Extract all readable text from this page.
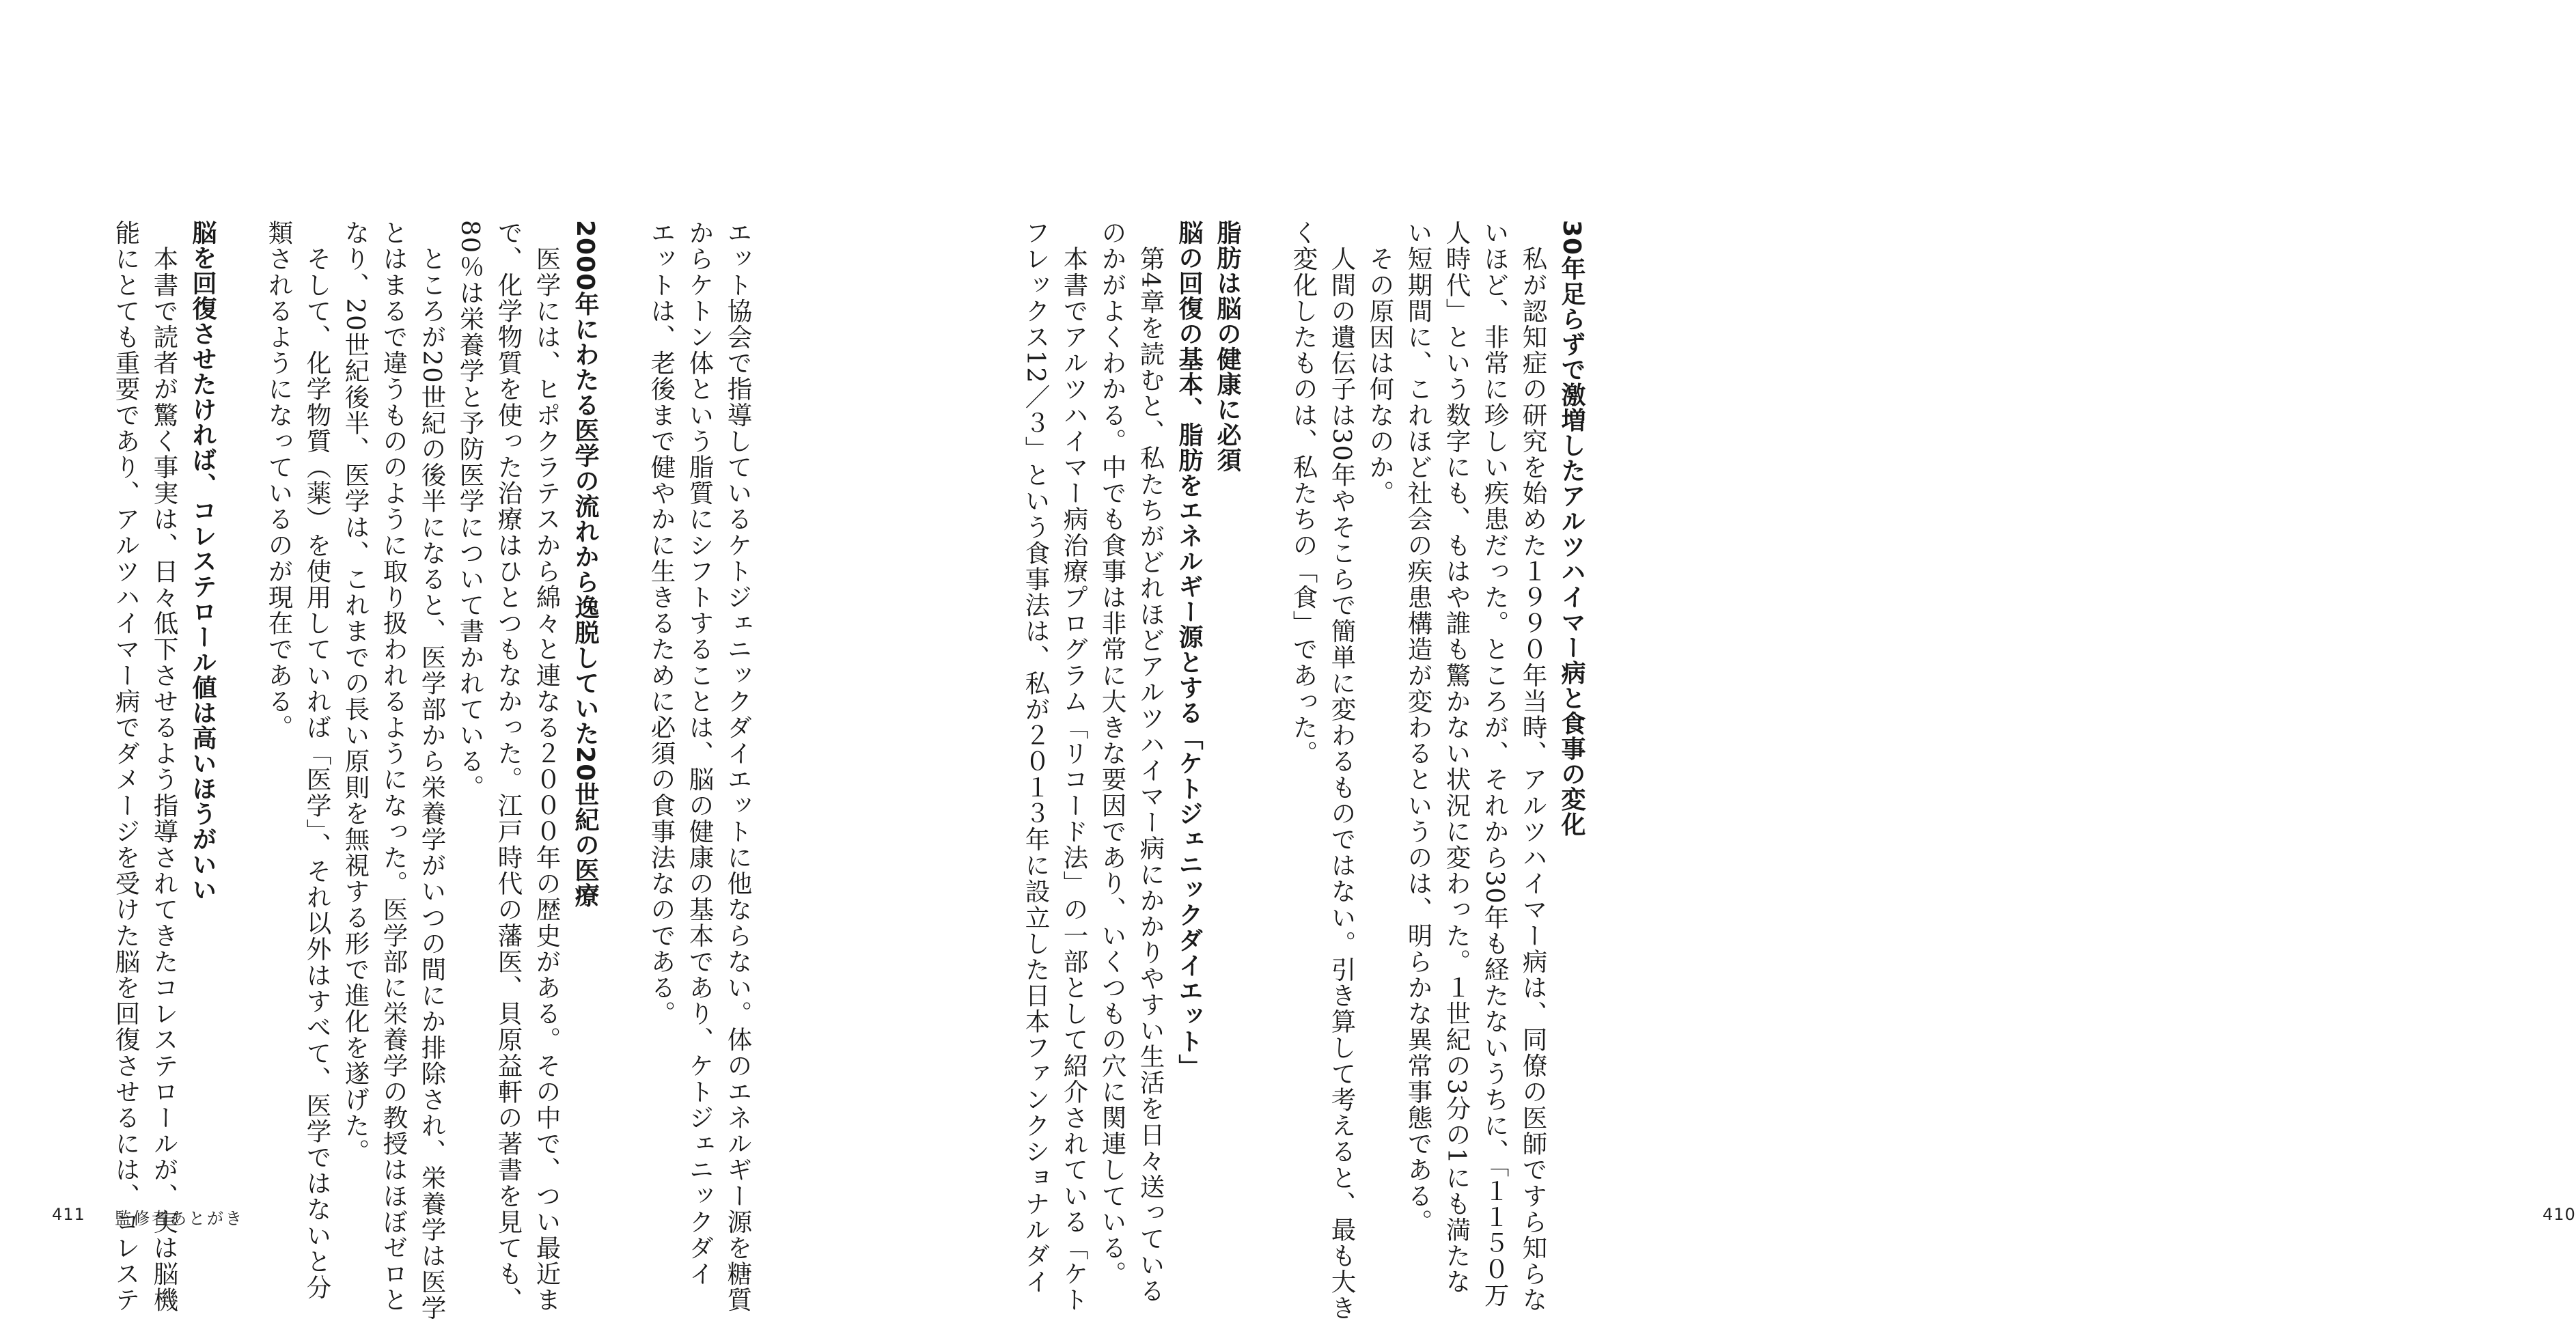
30年足らずで激増したアルツハイマー病と食事の変化
　私が認知症の研究を始めた１９９０年当時、アルツハイマー病は、同僚の医師ですら知らな
いほど、非常に珍しい疾患だった。ところが、それから30年も経たないうちに、「１１５０万
人時代」という数字にも、もはや誰も驚かない状況に変わった。１世紀の3分の1にも満たな
い短期間に、これほど社会の疾患構造が変わるというのは、明らかな異常事態である。
　その原因は何なのか。
　人間の遺伝子は30年やそこらで簡単に変わるものではない。引き算して考えると、最も大き
く変化したものは、私たちの「食」であった。

脂肪は脳の健康に必須
脳の回復の基本、脂肪をエネルギー源とする「ケトジェニックダイエット」
　第4章を読むと、私たちがどれほどアルツハイマー病にかかりやすい生活を日々送っている
のかがよくわかる。中でも食事は非常に大きな要因であり、いくつもの穴に関連している。
　本書でアルツハイマー病治療プログラム「リコード法」の一部として紹介されている「ケト
フレックス12／３」という食事法は、私が２０１３年に設立した日本ファンクショナルダイ	410
エット協会で指導しているケトジェニックダイエットに他ならない。体のエネルギー源を糖質
からケトン体という脂質にシフトすることは、脳の健康の基本であり、ケトジェニックダイ
エットは、老後まで健やかに生きるために必須の食事法なのである。

2000年にわたる医学の流れから逸脱していた20世紀の医療
　医学には、ヒポクラテスから綿々と連なる２０００年の歴史がある。その中で、つい最近ま
で、化学物質を使った治療はひとつもなかった。江戸時代の藩医、貝原益軒の著書を見ても、
80％は栄養学と予防医学について書かれている。
　ところが20世紀の後半になると、医学部から栄養学がいつの間にか排除され、栄養学は医学
とはまるで違うもののように取り扱われるようになった。医学部に栄養学の教授はほぼゼロと
なり、20世紀後半、医学は、これまでの長い原則を無視する形で進化を遂げた。
　そして、化学物質（薬）を使用していれば「医学」、それ以外はすべて、医学ではないと分
類されるようになっているのが現在である。

脳を回復させたければ、コレステロール値は高いほうがいい
　本書で読者が驚く事実は、日々低下させるよう指導されてきたコレステロールが、実は脳機
能にとても重要であり、アルツハイマー病でダメージを受けた脳を回復させるには、コレステ
411 監修者あとがき
